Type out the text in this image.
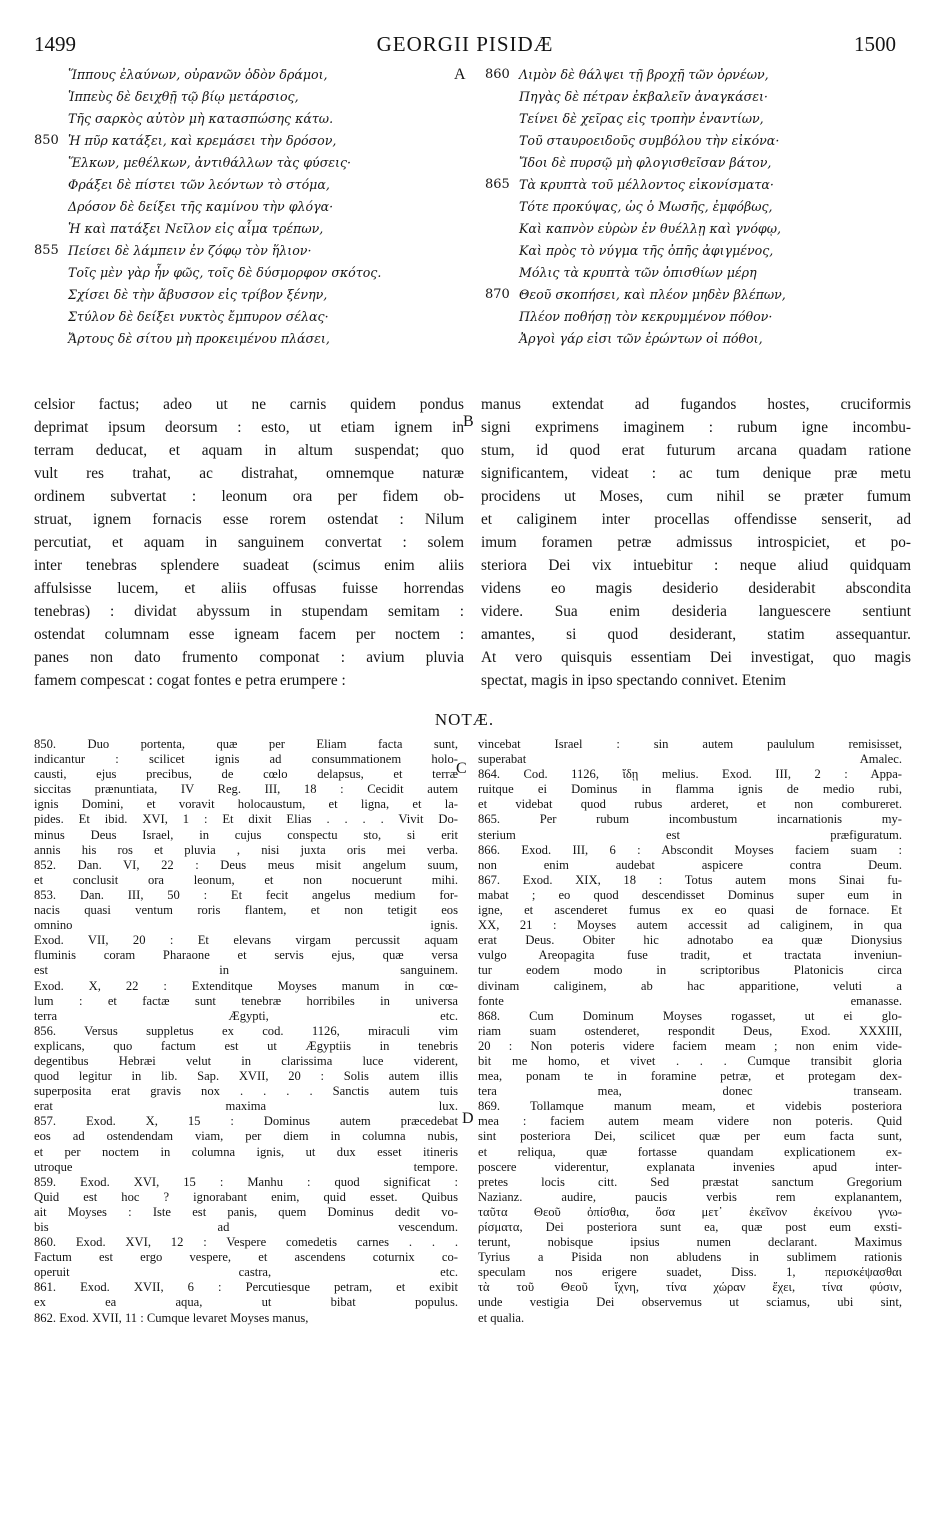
1499	GEORGII PISIDÆ	1500
Ἵππους ἐλαύνων, οὐρανῶν ὁδὸν δράμοι,
Ἱππεὺς δὲ δειχθῇ τῷ βίῳ μετάρσιος,
Τῆς σαρκὸς αὐτὸν μὴ κατασπώσης κάτω.
850 Ἡ πῦρ κατάξει, καὶ κρεμάσει τὴν δρόσον,
Ἕλκων, μεθέλκων, ἀντιθάλλων τὰς φύσεις·
Φράξει δὲ πίστει τῶν λεόντων τὸ στόμα,
Δρόσον δὲ δείξει τῆς καμίνου τὴν φλόγα·
Ἡ καὶ πατάξει Νεῖλον εἰς αἷμα τρέπων,
855 Πείσει δὲ λάμπειν ἐν ζόφῳ τὸν ἥλιον·
Τοῖς μὲν γὰρ ἦν φῶς, τοῖς δὲ δύσμορφον σκότος.
Σχίσει δὲ τὴν ἄβυσσον εἰς τρίβον ξένην,
Στύλον δὲ δείξει νυκτὸς ἔμπυρον σέλας·
Ἄρτους δὲ σίτου μὴ προκειμένου πλάσει,
860 Λιμὸν δὲ θάλψει τῇ βροχῇ τῶν ὀρνέων,
Πηγὰς δὲ πέτραν ἐκβαλεῖν ἀναγκάσει·
Τείνει δὲ χεῖρας εἰς τροπὴν ἐναντίων,
Τοῦ σταυροειδοῦς συμβόλου τὴν εἰκόνα·
Ἴδοι δὲ πυρσῷ μὴ φλογισθεῖσαν βάτον,
865 Τὰ κρυπτὰ τοῦ μέλλοντος εἰκονίσματα·
Τότε προκύψας, ὡς ὁ Μωσῆς, ἐμφόβως,
Καὶ καπνὸν εὑρὼν ἐν θυέλλῃ καὶ γνόφῳ,
Καὶ πρὸς τὸ νύγμα τῆς ὀπῆς ἀφιγμένος,
Μόλις τὰ κρυπτὰ τῶν ὀπισθίων μέρη
870 Θεοῦ σκοπήσει, καὶ πλέον μηδὲν βλέπων,
Πλέον ποθήσῃ τὸν κεκρυμμένον πόθον·
Ἀργοὶ γάρ εἰσι τῶν ἐρώντων οἱ πόθοι,
A
B
C
D
celsior factus; adeo ut ne carnis quidem pondus
deprimat ipsum deorsum : esto, ut etiam ignem in
terram deducat, et aquam in altum suspendat; quo
vult res trahat, ac distrahat, omnemque naturæ
ordinem subvertat : leonum ora per fidem ob-
struat, ignem fornacis esse rorem ostendat : Nilum
percutiat, et aquam in sanguinem convertat : solem
inter tenebras splendere suadeat (scimus enim aliis
affulsisse lucem, et aliis offusas fuisse horrendas
tenebras) : dividat abyssum in stupendam semitam :
ostendat columnam esse igneam facem per noctem :
panes non dato frumento componat : avium pluvia
famem compescat : cogat fontes e petra erumpere :
manus extendat ad fugandos hostes, cruciformis
signi exprimens imaginem : rubum igne incombu-
stum, id quod erat futurum arcana quadam ratione
significantem, videat : ac tum denique præ metu
procidens ut Moses, cum nihil se præter fumum
et caliginem inter procellas offendisse senserit, ad
imum foramen petræ admissus introspiciet, et po-
steriora Dei vix intuebitur : neque aliud quidquam
videns eo magis desiderio desiderabit abscondita
videre. Sua enim desideria languescere sentiunt
amantes, si quod desiderant, statim assequantur.
At vero quisquis essentiam Dei investigat, quo magis
spectat, magis in ipso spectando connivet. Etenim
NOTÆ.
850. Duo portenta, quæ per Eliam facta sunt,
indicantur : scilicet ignis ad consummationem holo-
causti, ejus precibus, de cœlo delapsus, et terræ
siccitas prænuntiata, IV Reg. III, 18 : Cecidit autem
ignis Domini, et voravit holocaustum, et ligna, et la-
pides. Et ibid. XVI, 1 : Et dixit Elias . . . . Vivit Do-
minus Deus Israel, in cujus conspectu sto, si erit
annis his ros et pluvia , nisi juxta oris mei verba.
852. Dan. VI, 22 : Deus meus misit angelum suum,
et conclusit ora leonum, et non nocuerunt mihi.
853. Dan. III, 50 : Et fecit angelus medium for-
nacis quasi ventum roris flantem, et non tetigit eos
omnino ignis.
Exod. VII, 20 : Et elevans virgam percussit aquam
fluminis coram Pharaone et servis ejus, quæ versa
est in sanguinem.
Exod. X, 22 : Extenditque Moyses manum in cœ-
lum : et factæ sunt tenebræ horribiles in universa
terra Ægypti, etc.
856. Versus suppletus ex cod. 1126, miraculi vim
explicans, quo factum est ut Ægyptiis in tenebris
degentibus Hebræi velut in clarissima luce viderent,
quod legitur in lib. Sap. XVII, 20 : Solis autem illis
superposita erat gravis nox . . . . Sanctis autem tuis
erat maxima lux.
857. Exod. X, 15 : Dominus autem præcedebat
eos ad ostendendam viam, per diem in columna nubis,
et per noctem in columna ignis, ut dux esset itineris
utroque tempore.
859. Exod. XVI, 15 : Manhu : quod significat :
Quid est hoc ? ignorabant enim, quid esset. Quibus
ait Moyses : Iste est panis, quem Dominus dedit vo-
bis ad vescendum.
860. Exod. XVI, 12 : Vespere comedetis carnes . . .
Factum est ergo vespere, et ascendens coturnix co-
operuit castra, etc.
861. Exod. XVII, 6 : Percutiesque petram, et exibit
ex ea aqua, ut bibat populus.
862. Exod. XVII, 11 : Cumque levaret Moyses manus,
vincebat Israel : sin autem paululum remisisset,
superabat Amalec.
864. Cod. 1126, ἴδῃ melius. Exod. III, 2 : Appa-
ruitque ei Dominus in flamma ignis de medio rubi,
et videbat quod rubus arderet, et non combureret.
865. Per rubum incombustum incarnationis my-
sterium est præfiguratum.
866. Exod. III, 6 : Abscondit Moyses faciem suam :
non enim audebat aspicere contra Deum.
867. Exod. XIX, 18 : Totus autem mons Sinai fu-
mabat ; eo quod descendisset Dominus super eum in
igne, et ascenderet fumus ex eo quasi de fornace. Et
XX, 21 : Moyses autem accessit ad caliginem, in qua
erat Deus. Obiter hic adnotabo ea quæ Dionysius
vulgo Areopagita fuse tradit, et tractata inveniun-
tur eodem modo in scriptoribus Platonicis circa
divinam caliginem, ab hac apparitione, veluti a
fonte emanasse.
868. Cum Dominum Moyses rogasset, ut ei glo-
riam suam ostenderet, respondit Deus, Exod. XXXIII,
20 : Non poteris videre faciem meam ; non enim vide-
bit me homo, et vivet . . . Cumque transibit gloria
mea, ponam te in foramine petræ, et protegam dex-
tera mea, donec transeam.
869. Tollamque manum meam, et videbis posteriora
mea : faciem autem meam videre non poteris. Quid
sint posteriora Dei, scilicet quæ per eum facta sunt,
et reliqua, quæ fortasse quandam explicationem ex-
poscere viderentur, explanata invenies apud inter-
pretes locis citt. Sed præstat sanctum Gregorium
Nazianz. audire, paucis verbis rem explanantem,
ταῦτα Θεοῦ ὀπίσθια, ὅσα μετ᾽ ἐκεῖνον ἐκείνου γνω-
ρίσματα, Dei posteriora sunt ea, quæ post eum exsti-
terunt, nobisque ipsius numen declarant. Maximus
Tyrius a Pisida non abludens in sublimem rationis
speculam nos erigere suadet, Diss. 1, περισκέψασθαι
τὰ τοῦ Θεοῦ ἴχνη, τίνα χώραν ἔχει, τίνα φύσιν,
unde vestigia Dei observemus ut sciamus, ubi sint,
et qualia.
